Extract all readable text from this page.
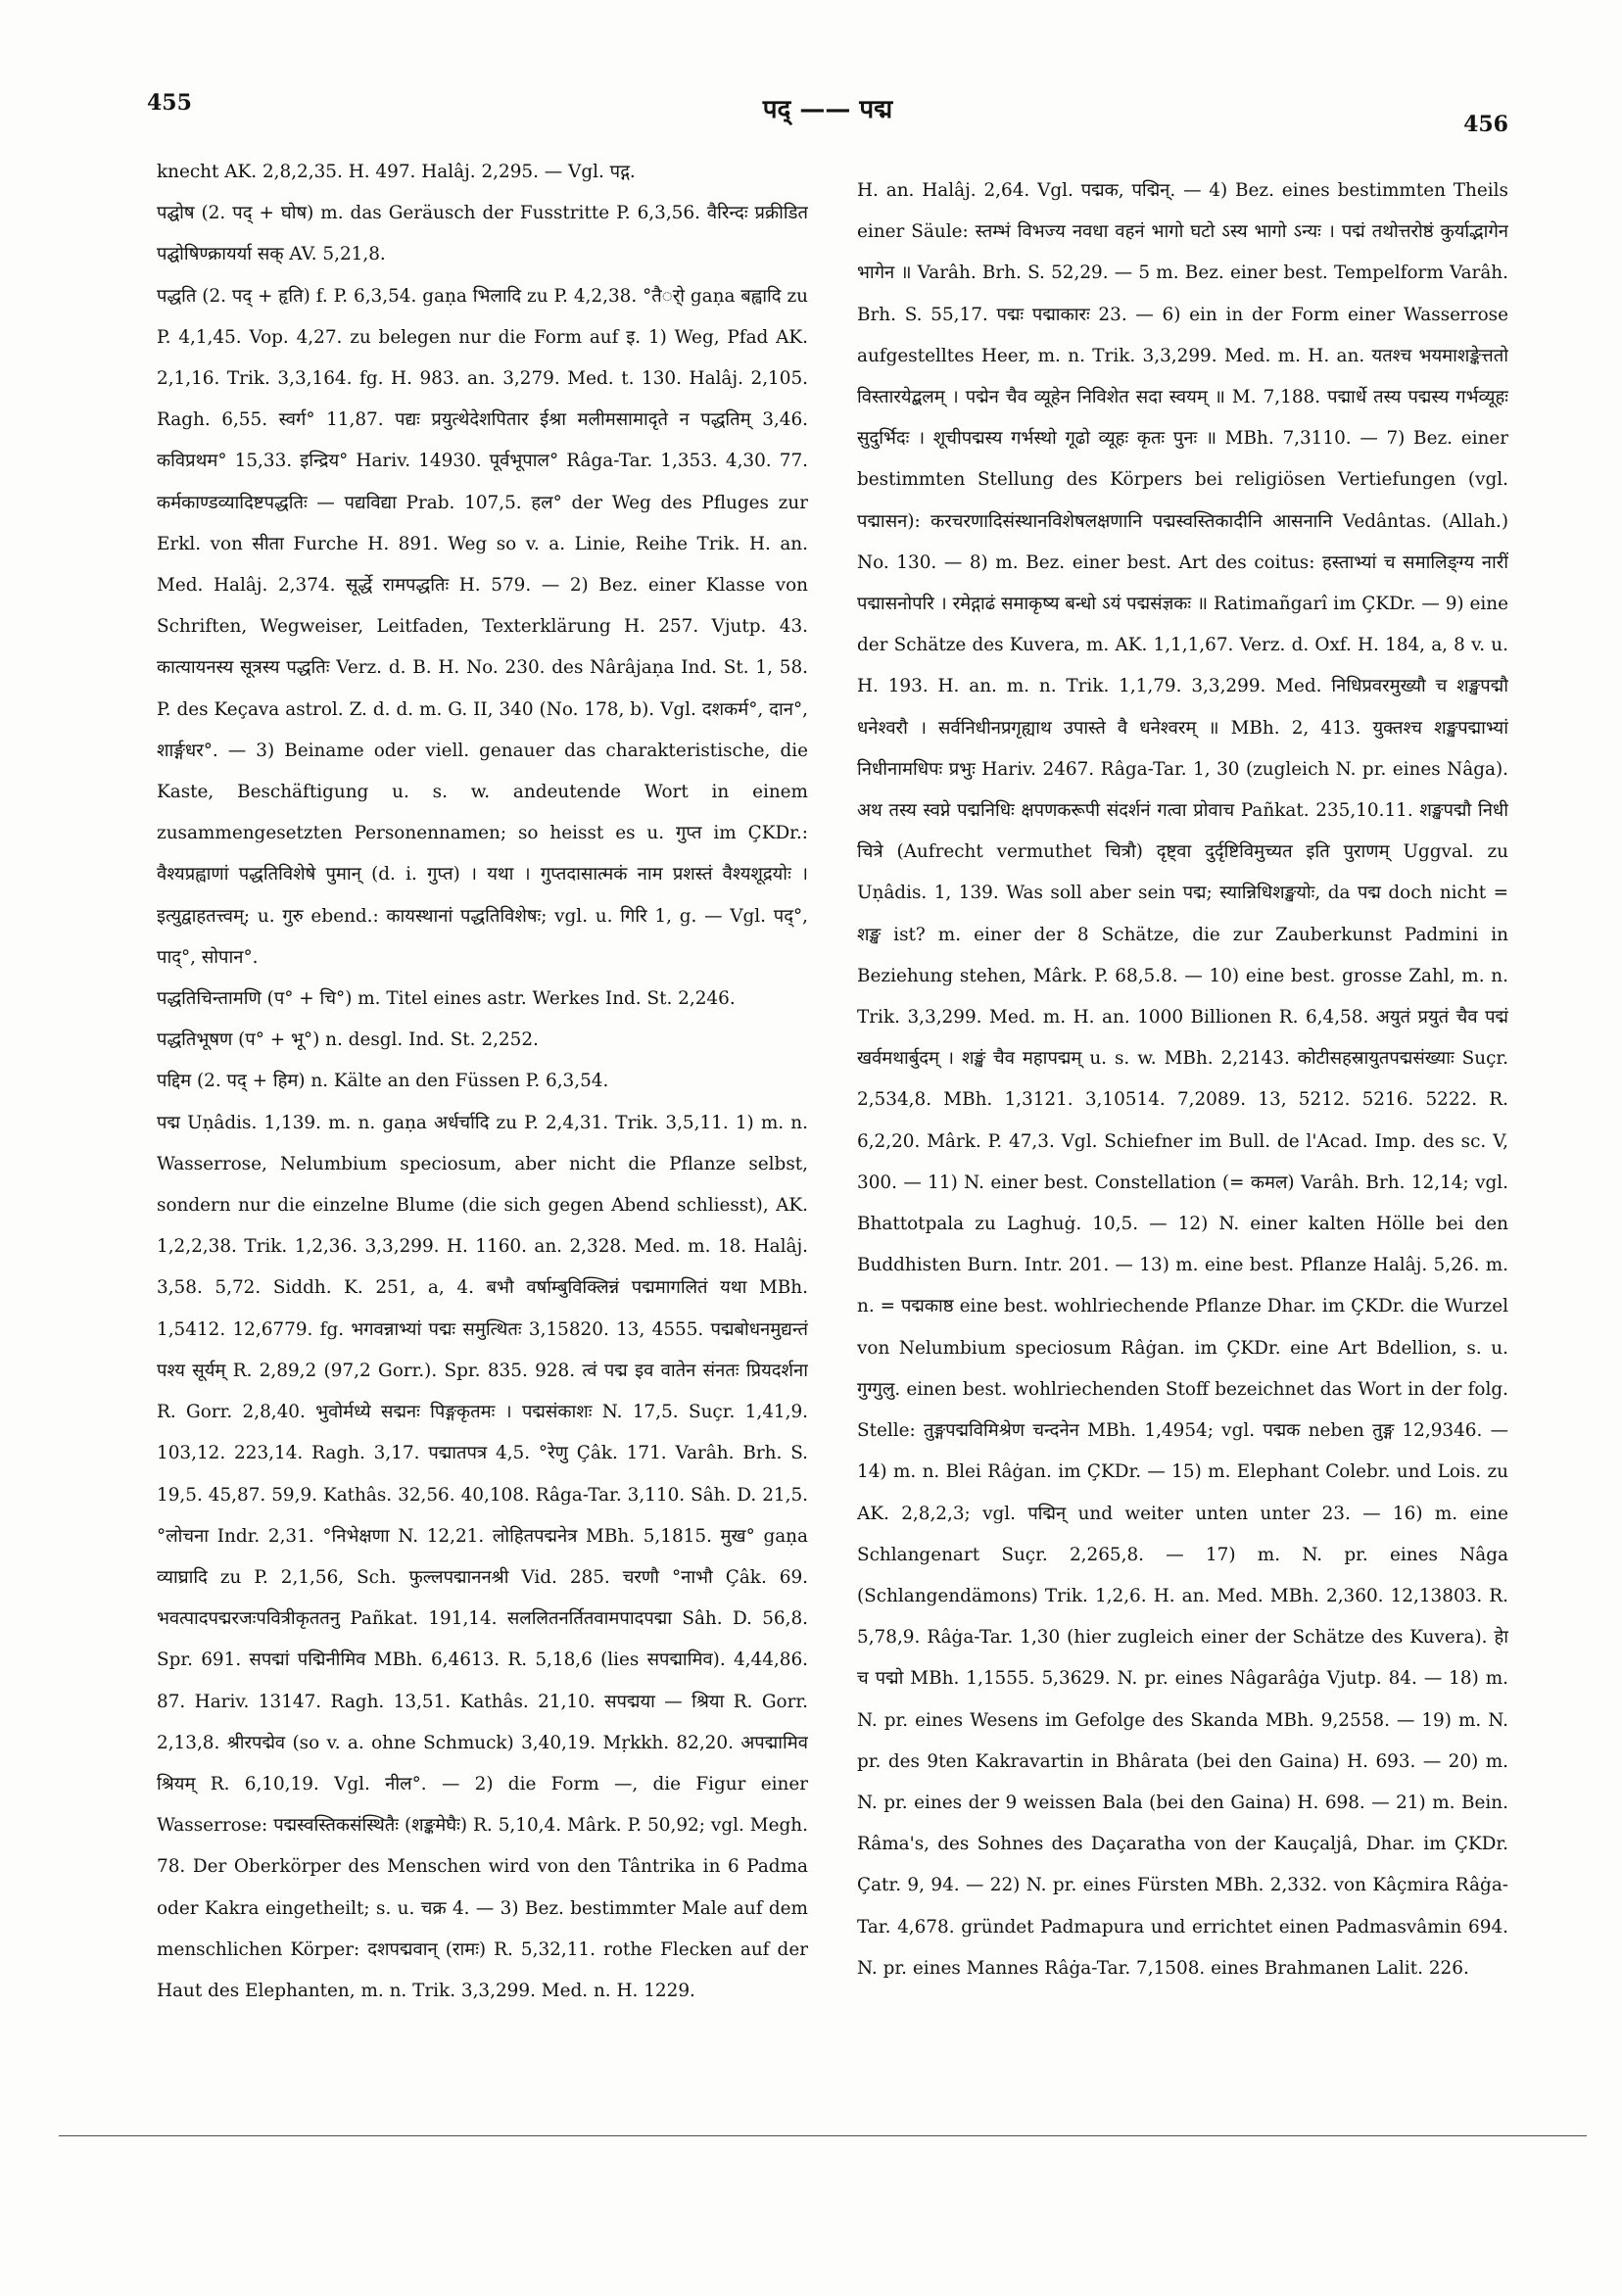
455	पद् —— पद्म	456

knecht AK. 2,8,2,35. H. 497. Halâj. 2,295. — Vgl. पद्ग.

पद्घोष (2. पद् + घोष) m. das Geräusch der Fusstritte P. 6,3,56. वैरिन्दः प्रक्रीडित पद्घोषिण्क्रायर्या सक् AV. 5,21,8.

पद्धति (2. पद् + हृति) f. P. 6,3,54. gaṇa भिलादि zu P. 4,2,38. °तैर्ो gaṇa बह्वादि zu P. 4,1,45. Vop. 4,27. zu belegen nur die Form auf इ. 1) Weg, Pfad AK. 2,1,16. Trik. 3,3,164. fg. H. 983. an. 3,279. Med. t. 130. Halâj. 2,105. Ragh. 6,55. स्वर्ग° 11,87. पद्यः प्रयुत्थेदेशपितार ईश्रा मलीमसामादृते न पद्धतिम् 3,46. कविप्रथम° 15,33. इन्द्रिय° Hariv. 14930. पूर्वभूपाल° Râga-Tar. 1,353. 4,30. 77. कर्मकाण्डव्यादिष्टपद्धतिः — पद्यविद्या Prab. 107,5. हल° der Weg des Pfluges zur Erkl. von सीता Furche H. 891. Weg so v. a. Linie, Reihe Trik. H. an. Med. Halâj. 2,374. सूर्द्धे रामपद्धतिः H. 579. — 2) Bez. einer Klasse von Schriften, Wegweiser, Leitfaden, Texterklärung H. 257. Vjutp. 43. कात्यायनस्य सूत्रस्य पद्धतिः Verz. d. B. H. No. 230. des Nârâjaṇa Ind. St. 1, 58. P. des Keçava astrol. Z. d. d. m. G. II, 340 (No. 178, b). Vgl. दशकर्म°, दान°, शार्ङ्गधर°. — 3) Beiname oder viell. genauer das charakteristische, die Kaste, Beschäftigung u. s. w. andeutende Wort in einem zusammengesetzten Personennamen; so heisst es u. गुप्त im ÇKDr.: वैश्यप्रह्वाणां पद्धतिविशेषे पुमान् (d. i. गुप्त) । यथा । गुप्तदासात्मकं नाम प्रशस्तं वैश्यशूद्रयोः । इत्युद्वाहतत्त्वम्; u. गुरु ebend.: कायस्थानां पद्धतिविशेषः; vgl. u. गिरि 1, g. — Vgl. पद्°, पाद्°, सोपान°.

पद्धतिचिन्तामणि (प° + चि°) m. Titel eines astr. Werkes Ind. St. 2,246.

पद्धतिभूषण (प° + भू°) n. desgl. Ind. St. 2,252.

पद्दिम (2. पद् + हिम) n. Kälte an den Füssen P. 6,3,54.

पद्म Uṇâdis. 1,139. m. n. gaṇa अर्धर्चादि zu P. 2,4,31. Trik. 3,5,11. 1) m. n. Wasserrose, Nelumbium speciosum, aber nicht die Pflanze selbst, sondern nur die einzelne Blume (die sich gegen Abend schliesst), AK. 1,2,2,38. Trik. 1,2,36. 3,3,299. H. 1160. an. 2,328. Med. m. 18. Halâj. 3,58. 5,72. Siddh. K. 251, a, 4. बभौ वर्षाम्बुविक्लिन्नं पद्ममागलितं यथा MBh. 1,5412. 12,6779. fg. भगवन्नाभ्यां पद्मः समुत्थितः 3,15820. 13, 4555. पद्मबोधनमुद्यन्तं पश्य सूर्यम् R. 2,89,2 (97,2 Gorr.). Spr. 835. 928. त्वं पद्म इव वातेन संनतः प्रियदर्शना R. Gorr. 2,8,40. भुवोर्मध्ये सद्मनः पिङ्गकृतमः । पद्मसंकाशः N. 17,5. Suçr. 1,41,9. 103,12. 223,14. Ragh. 3,17. पद्मातपत्र 4,5. °रेणु Çâk. 171. Varâh. Brh. S. 19,5. 45,87. 59,9. Kathâs. 32,56. 40,108. Râga-Tar. 3,110. Sâh. D. 21,5. °लोचना Indr. 2,31. °निभेक्षणा N. 12,21. लोहितपद्मनेत्र MBh. 5,1815. मुख° gaṇa व्याघ्रादि zu P. 2,1,56, Sch. फुल्लपद्माननश्री Vid. 285. चरणौ °नाभौ Çâk. 69. भवत्पादपद्मरजःपवित्रीकृततनु Pañkat. 191,14. सललितनर्तितवामपादपद्मा Sâh. D. 56,8. Spr. 691. सपद्मां पद्मिनीमिव MBh. 6,4613. R. 5,18,6 (lies सपद्मामिव). 4,44,86. 87. Hariv. 13147. Ragh. 13,51. Kathâs. 21,10. सपद्मया — श्रिया R. Gorr. 2,13,8. श्रीरपद्मेव (so v. a. ohne Schmuck) 3,40,19. Mṛkkh. 82,20. अपद्मामिव श्रियम् R. 6,10,19. Vgl. नील°. — 2) die Form —, die Figur einer Wasserrose: पद्मस्वस्तिकसंस्थितैः (शङ्कमेघैः) R. 5,10,4. Mârk. P. 50,92; vgl. Megh. 78. Der Oberkörper des Menschen wird von den Tântrika in 6 Padma oder Kakra eingetheilt; s. u. चक्र 4. — 3) Bez. bestimmter Male auf dem menschlichen Körper: दशपद्मवान् (रामः) R. 5,32,11. rothe Flecken auf der Haut des Elephanten, m. n. Trik. 3,3,299. Med. n. H. 1229.

H. an. Halâj. 2,64. Vgl. पद्मक, पद्मिन्. — 4) Bez. eines bestimmten Theils einer Säule: स्तम्भं विभज्य नवधा वहनं भागो घटो ऽस्य भागो ऽन्यः । पद्मं तथोत्तरोष्ठं कुर्याद्भागेन भागेन ॥ Varâh. Brh. S. 52,29. — 5 m. Bez. einer best. Tempelform Varâh. Brh. S. 55,17. पद्मः पद्माकारः 23. — 6) ein in der Form einer Wasserrose aufgestelltes Heer, m. n. Trik. 3,3,299. Med. m. H. an. यतश्च भयमाशङ्केत्ततो विस्तारयेद्बलम् । पद्मेन चैव व्यूहेन निविशेत सदा स्वयम् ॥ M. 7,188. पद्मार्धे तस्य पद्मस्य गर्भव्यूहः सुदुर्भिदः । शूचीपद्मस्य गर्भस्थो गूढो व्यूहः कृतः पुनः ॥ MBh. 7,3110. — 7) Bez. einer bestimmten Stellung des Körpers bei religiösen Vertiefungen (vgl. पद्मासन): करचरणादिसंस्थानविशेषलक्षणानि पद्मस्वस्तिकादीनि आसनानि Vedântas. (Allah.) No. 130. — 8) m. Bez. einer best. Art des coitus: हस्ताभ्यां च समालिङ्ग्य नारीं पद्मासनोपरि । रमेद्गाढं समाकृष्य बन्धो ऽयं पद्मसंज्ञकः ॥ Ratimañgarî im ÇKDr. — 9) eine der Schätze des Kuvera, m. AK. 1,1,1,67. Verz. d. Oxf. H. 184, a, 8 v. u. H. 193. H. an. m. n. Trik. 1,1,79. 3,3,299. Med. निधिप्रवरमुख्यौ च शङ्खपद्मौ धनेश्वरौ । सर्वनिधीनप्रगृह्याथ उपास्ते वै धनेश्वरम् ॥ MBh. 2, 413. युक्तश्च शङ्खपद्माभ्यां निधीनामधिपः प्रभुः Hariv. 2467. Râga-Tar. 1, 30 (zugleich N. pr. eines Nâga). अथ तस्य स्वप्ने पद्मनिधिः क्षपणकरूपी संदर्शनं गत्वा प्रोवाच Pañkat. 235,10.11. शङ्खपद्मौ निधी चित्रे (Aufrecht vermuthet चित्रौ) दृष्ट्वा दुर्दृष्टिविमुच्यत इति पुराणम् Uggval. zu Uṇâdis. 1, 139. Was soll aber sein पद्म; स्यान्निधिशङ्खयोः, da पद्म doch nicht = शङ्ख ist? m. einer der 8 Schätze, die zur Zauberkunst Padmini in Beziehung stehen, Mârk. P. 68,5.8. — 10) eine best. grosse Zahl, m. n. Trik. 3,3,299. Med. m. H. an. 1000 Billionen R. 6,4,58. अयुतं प्रयुतं चैव पद्मं खर्वमथार्बुदम् । शङ्खं चैव महापद्मम् u. s. w. MBh. 2,2143. कोटीसहस्रायुतपद्मसंख्याः Suçr. 2,534,8. MBh. 1,3121. 3,10514. 7,2089. 13, 5212. 5216. 5222. R. 6,2,20. Mârk. P. 47,3. Vgl. Schiefner im Bull. de l'Acad. Imp. des sc. V, 300. — 11) N. einer best. Constellation (= कमल) Varâh. Brh. 12,14; vgl. Bhattotpala zu Laghuġ. 10,5. — 12) N. einer kalten Hölle bei den Buddhisten Burn. Intr. 201. — 13) m. eine best. Pflanze Halâj. 5,26. m. n. = पद्मकाष्ठ eine best. wohlriechende Pflanze Dhar. im ÇKDr. die Wurzel von Nelumbium speciosum Râġan. im ÇKDr. eine Art Bdellion, s. u. गुग्गुलु. einen best. wohlriechenden Stoff bezeichnet das Wort in der folg. Stelle: तुङ्गपद्मविमिश्रेण चन्दनेन MBh. 1,4954; vgl. पद्मक neben तुङ्ग 12,9346. — 14) m. n. Blei Râġan. im ÇKDr. — 15) m. Elephant Colebr. und Lois. zu AK. 2,8,2,3; vgl. पद्मिन् und weiter unten unter 23. — 16) m. eine Schlangenart Suçr. 2,265,8. — 17) m. N. pr. eines Nâga (Schlangendämons) Trik. 1,2,6. H. an. Med. MBh. 2,360. 12,13803. R. 5,78,9. Râġa-Tar. 1,30 (hier zugleich einer der Schätze des Kuvera). हेा च पद्मो MBh. 1,1555. 5,3629. N. pr. eines Nâgarâġa Vjutp. 84. — 18) m. N. pr. eines Wesens im Gefolge des Skanda MBh. 9,2558. — 19) m. N. pr. des 9ten Kakravartin in Bhârata (bei den Gaina) H. 693. — 20) m. N. pr. eines der 9 weissen Bala (bei den Gaina) H. 698. — 21) m. Bein. Râma's, des Sohnes des Daçaratha von der Kauçaljâ, Dhar. im ÇKDr. Çatr. 9, 94. — 22) N. pr. eines Fürsten MBh. 2,332. von Kâçmira Râġa-Tar. 4,678. gründet Padmapura und errichtet einen Padmasvâmin 694. N. pr. eines Mannes Râġa-Tar. 7,1508. eines Brahmanen Lalit. 226.
